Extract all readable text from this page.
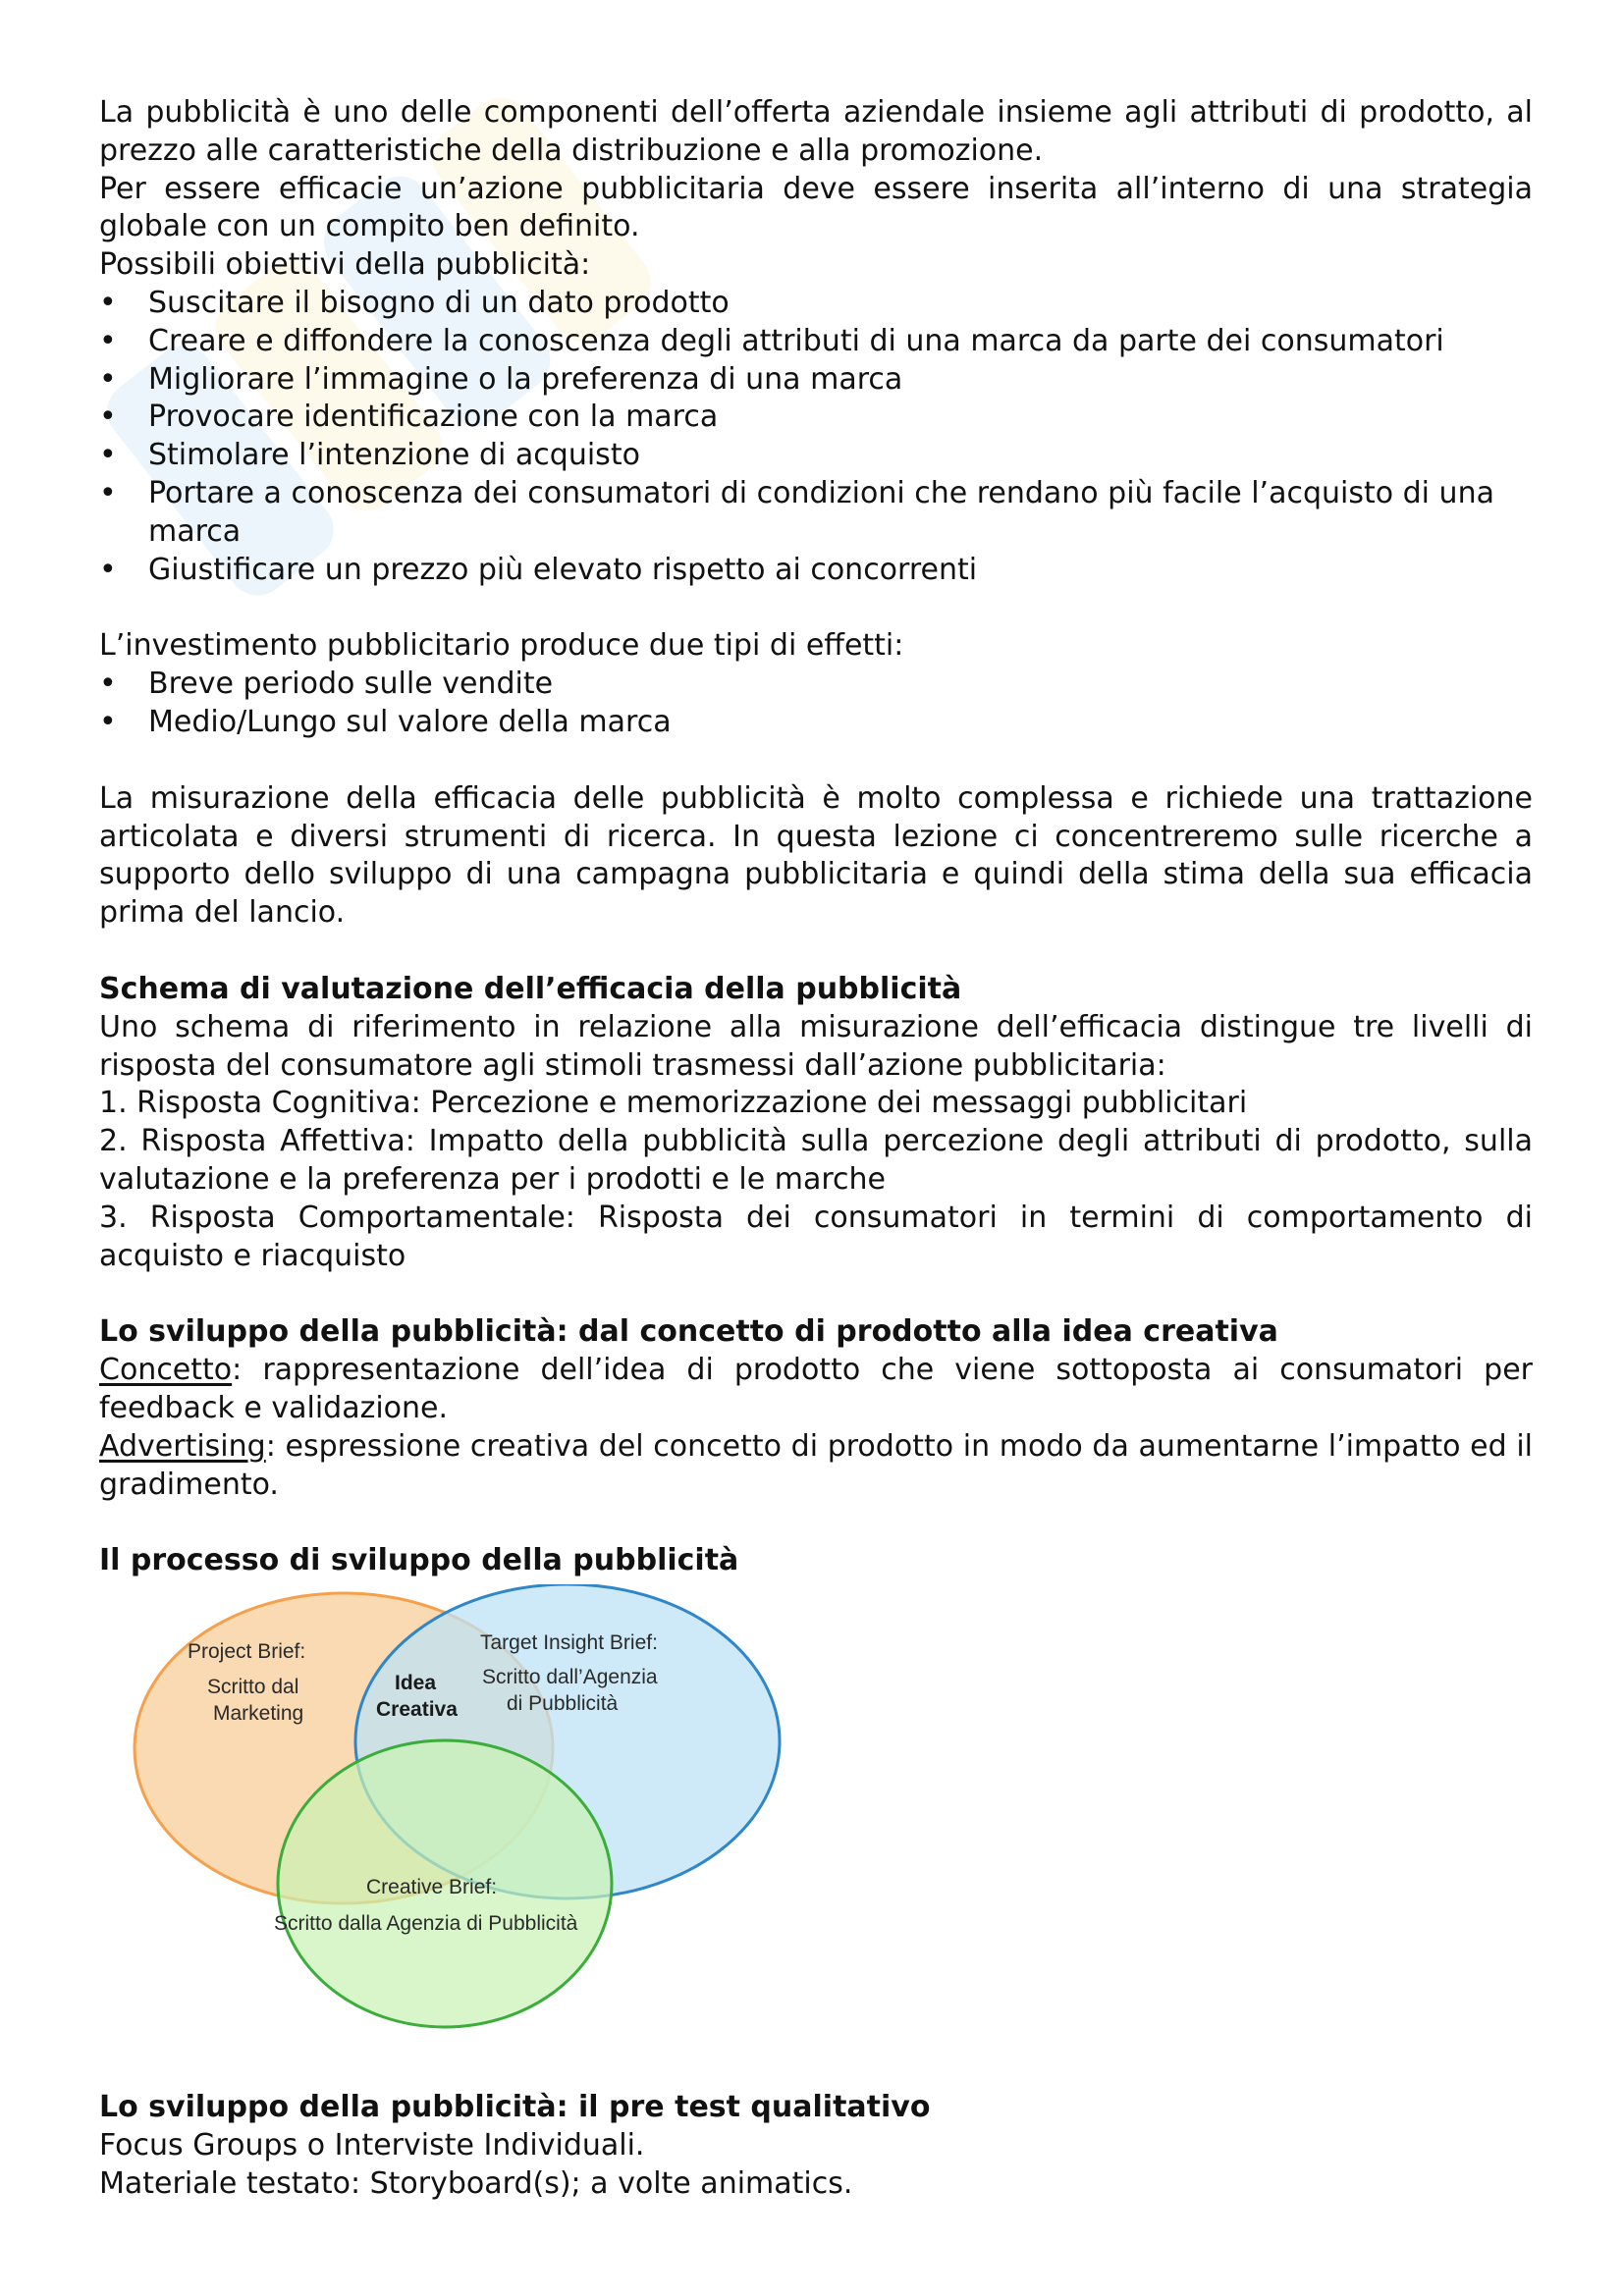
La pubblicità è uno delle componenti dell’offerta aziendale insieme agli attributi di prodotto, al prezzo alle caratteristiche della distribuzione e alla promozione.

Per essere efficacie un’azione pubblicitaria deve essere inserita all’interno di una strategia globale con un compito ben definito.

Possibili obiettivi della pubblicità:

• Suscitare il bisogno di un dato prodotto
• Creare e diffondere la conoscenza degli attributi di una marca da parte dei consumatori
• Migliorare l’immagine o la preferenza di una marca
• Provocare identificazione con la marca
• Stimolare l’intenzione di acquisto
• Portare a conoscenza dei consumatori di condizioni che rendano più facile l’acquisto di una marca
• Giustificare un prezzo più elevato rispetto ai concorrenti

L’investimento pubblicitario produce due tipi di effetti:

• Breve periodo sulle vendite
• Medio/Lungo sul valore della marca

La misurazione della efficacia delle pubblicità è molto complessa e richiede una trattazione articolata e diversi strumenti di ricerca. In questa lezione ci concentreremo sulle ricerche a supporto dello sviluppo di una campagna pubblicitaria e quindi della stima della sua efficacia prima del lancio.

Schema di valutazione dell’efficacia della pubblicità

Uno schema di riferimento in relazione alla misurazione dell’efficacia distingue tre livelli di risposta del consumatore agli stimoli trasmessi dall’azione pubblicitaria:

1. Risposta Cognitiva: Percezione e memorizzazione dei messaggi pubblicitari

2. Risposta Affettiva: Impatto della pubblicità sulla percezione degli attributi di prodotto, sulla valutazione e la preferenza per i prodotti e le marche

3. Risposta Comportamentale: Risposta dei consumatori in termini di comportamento di acquisto e riacquisto

Lo sviluppo della pubblicità: dal concetto di prodotto alla idea creativa

Concetto: rappresentazione dell’idea di prodotto che viene sottoposta ai consumatori per feedback e validazione.

Advertising: espressione creativa del concetto di prodotto in modo da aumentarne l’impatto ed il gradimento.

Il processo di sviluppo della pubblicità
Project Brief:
Scritto dal
Marketing
Target Insight Brief:
Scritto dall’Agenzia
di Pubblicità
Idea
Creativa
Creative Brief:
Scritto dalla Agenzia di Pubblicità
Lo sviluppo della pubblicità: il pre test qualitativo

Focus Groups o Interviste Individuali.

Materiale testato: Storyboard(s); a volte animatics.
